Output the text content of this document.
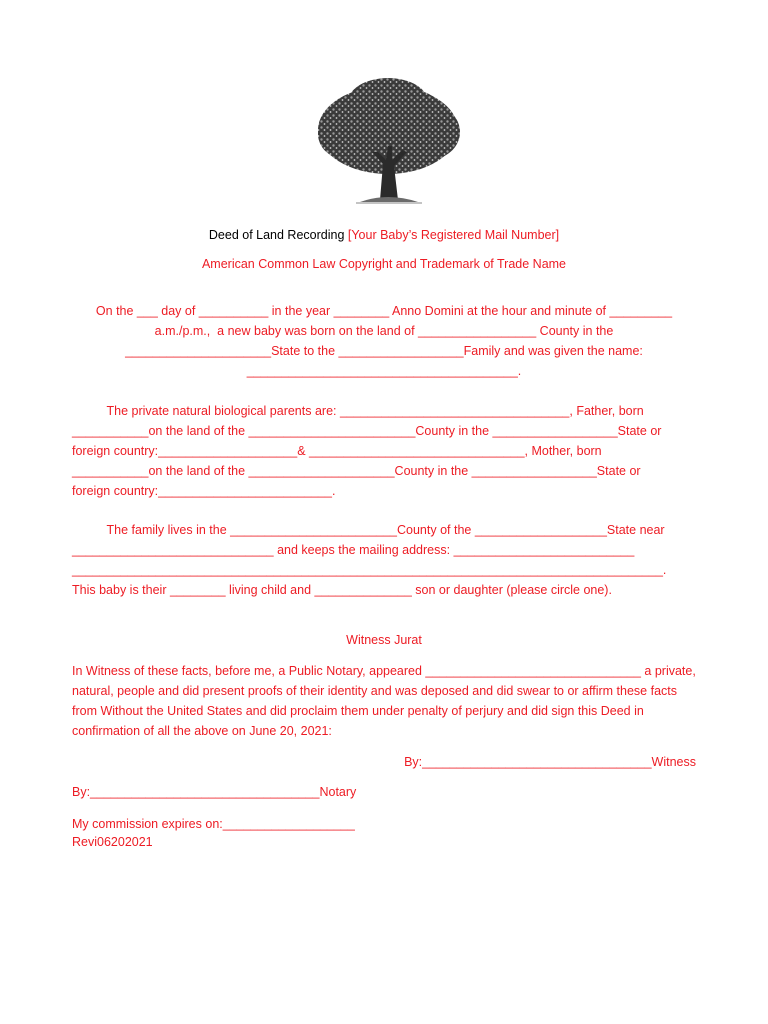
Deed of Land Recording [Your Baby’s Registered Mail Number]
American Common Law Copyright and Trademark of Trade Name
On the ___ day of __________ in the year ________ Anno Domini at the hour and minute of _________
a.m./p.m.,  a new baby was born on the land of _________________ County in the
_____________________State to the __________________Family and was given the name:
_______________________________________.
The private natural biological parents are: _________________________________, Father, born
___________on the land of the ________________________County in the __________________State or
foreign country:____________________& _______________________________, Mother, born
___________on the land of the _____________________County in the __________________State or
foreign country:_________________________.
The family lives in the ________________________County of the ___________________State near
_____________________________ and keeps the mailing address: __________________________
_____________________________________________________________________________________.
This baby is their ________ living child and ______________ son or daughter (please circle one).
Witness Jurat
In Witness of these facts, before me, a Public Notary, appeared _______________________________ a private,
natural, people and did present proofs of their identity and was deposed and did swear to or affirm these facts
from Without the United States and did proclaim them under penalty of perjury and did sign this Deed in
confirmation of all the above on June 20, 2021:
By:_________________________________Witness
By:_________________________________Notary
My commission expires on:___________________
Revi06202021
